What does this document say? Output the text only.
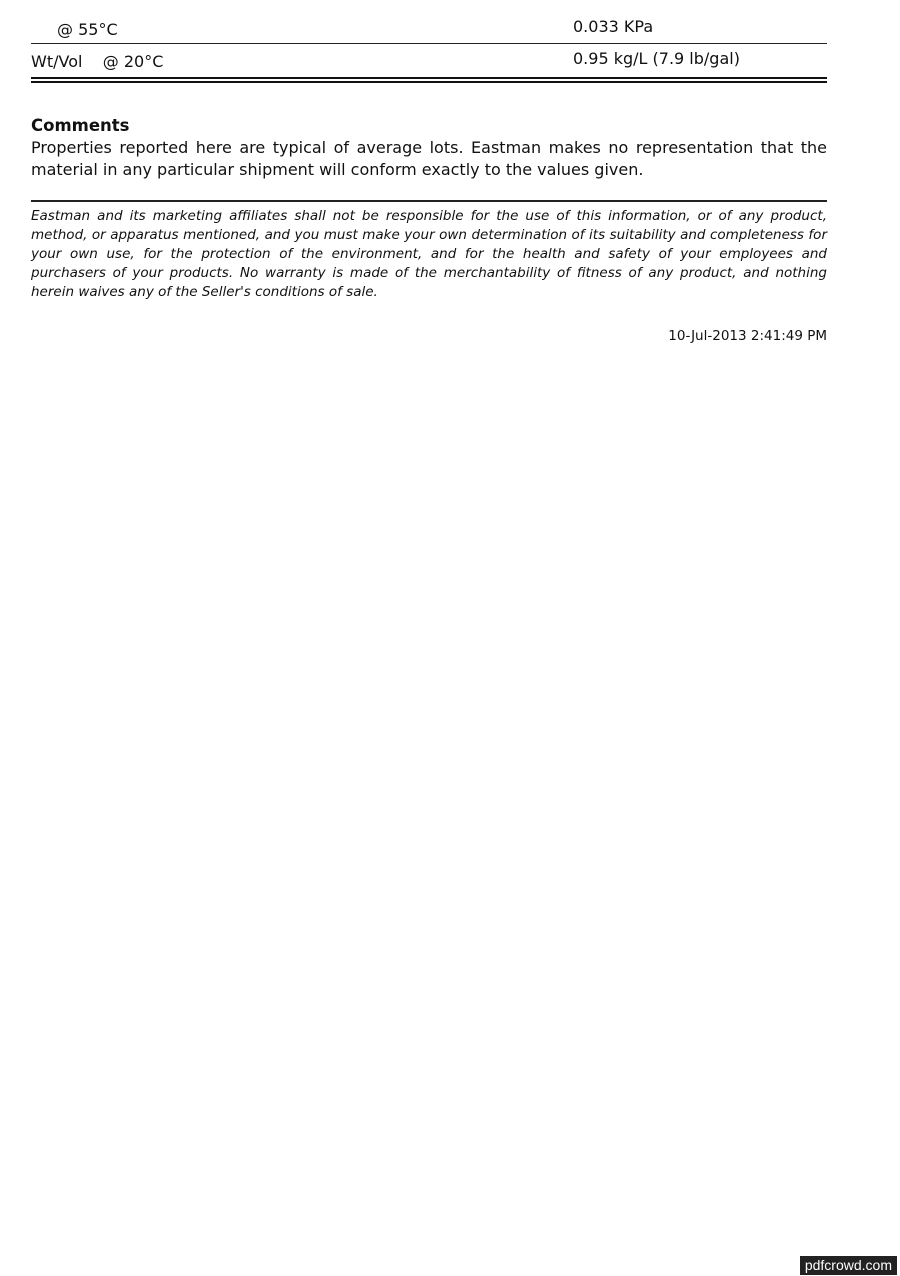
@ 55°C	0.033 KPa
Wt/Vol    @ 20°C	0.95 kg/L (7.9 lb/gal)
Comments
Properties reported here are typical of average lots. Eastman makes no representation that the material in any particular shipment will conform exactly to the values given.
Eastman and its marketing affiliates shall not be responsible for the use of this information, or of any product, method, or apparatus mentioned, and you must make your own determination of its suitability and completeness for your own use, for the protection of the environment, and for the health and safety of your employees and purchasers of your products. No warranty is made of the merchantability of fitness of any product, and nothing herein waives any of the Seller's conditions of sale.
10-Jul-2013 2:41:49 PM
pdfcrowd.com
